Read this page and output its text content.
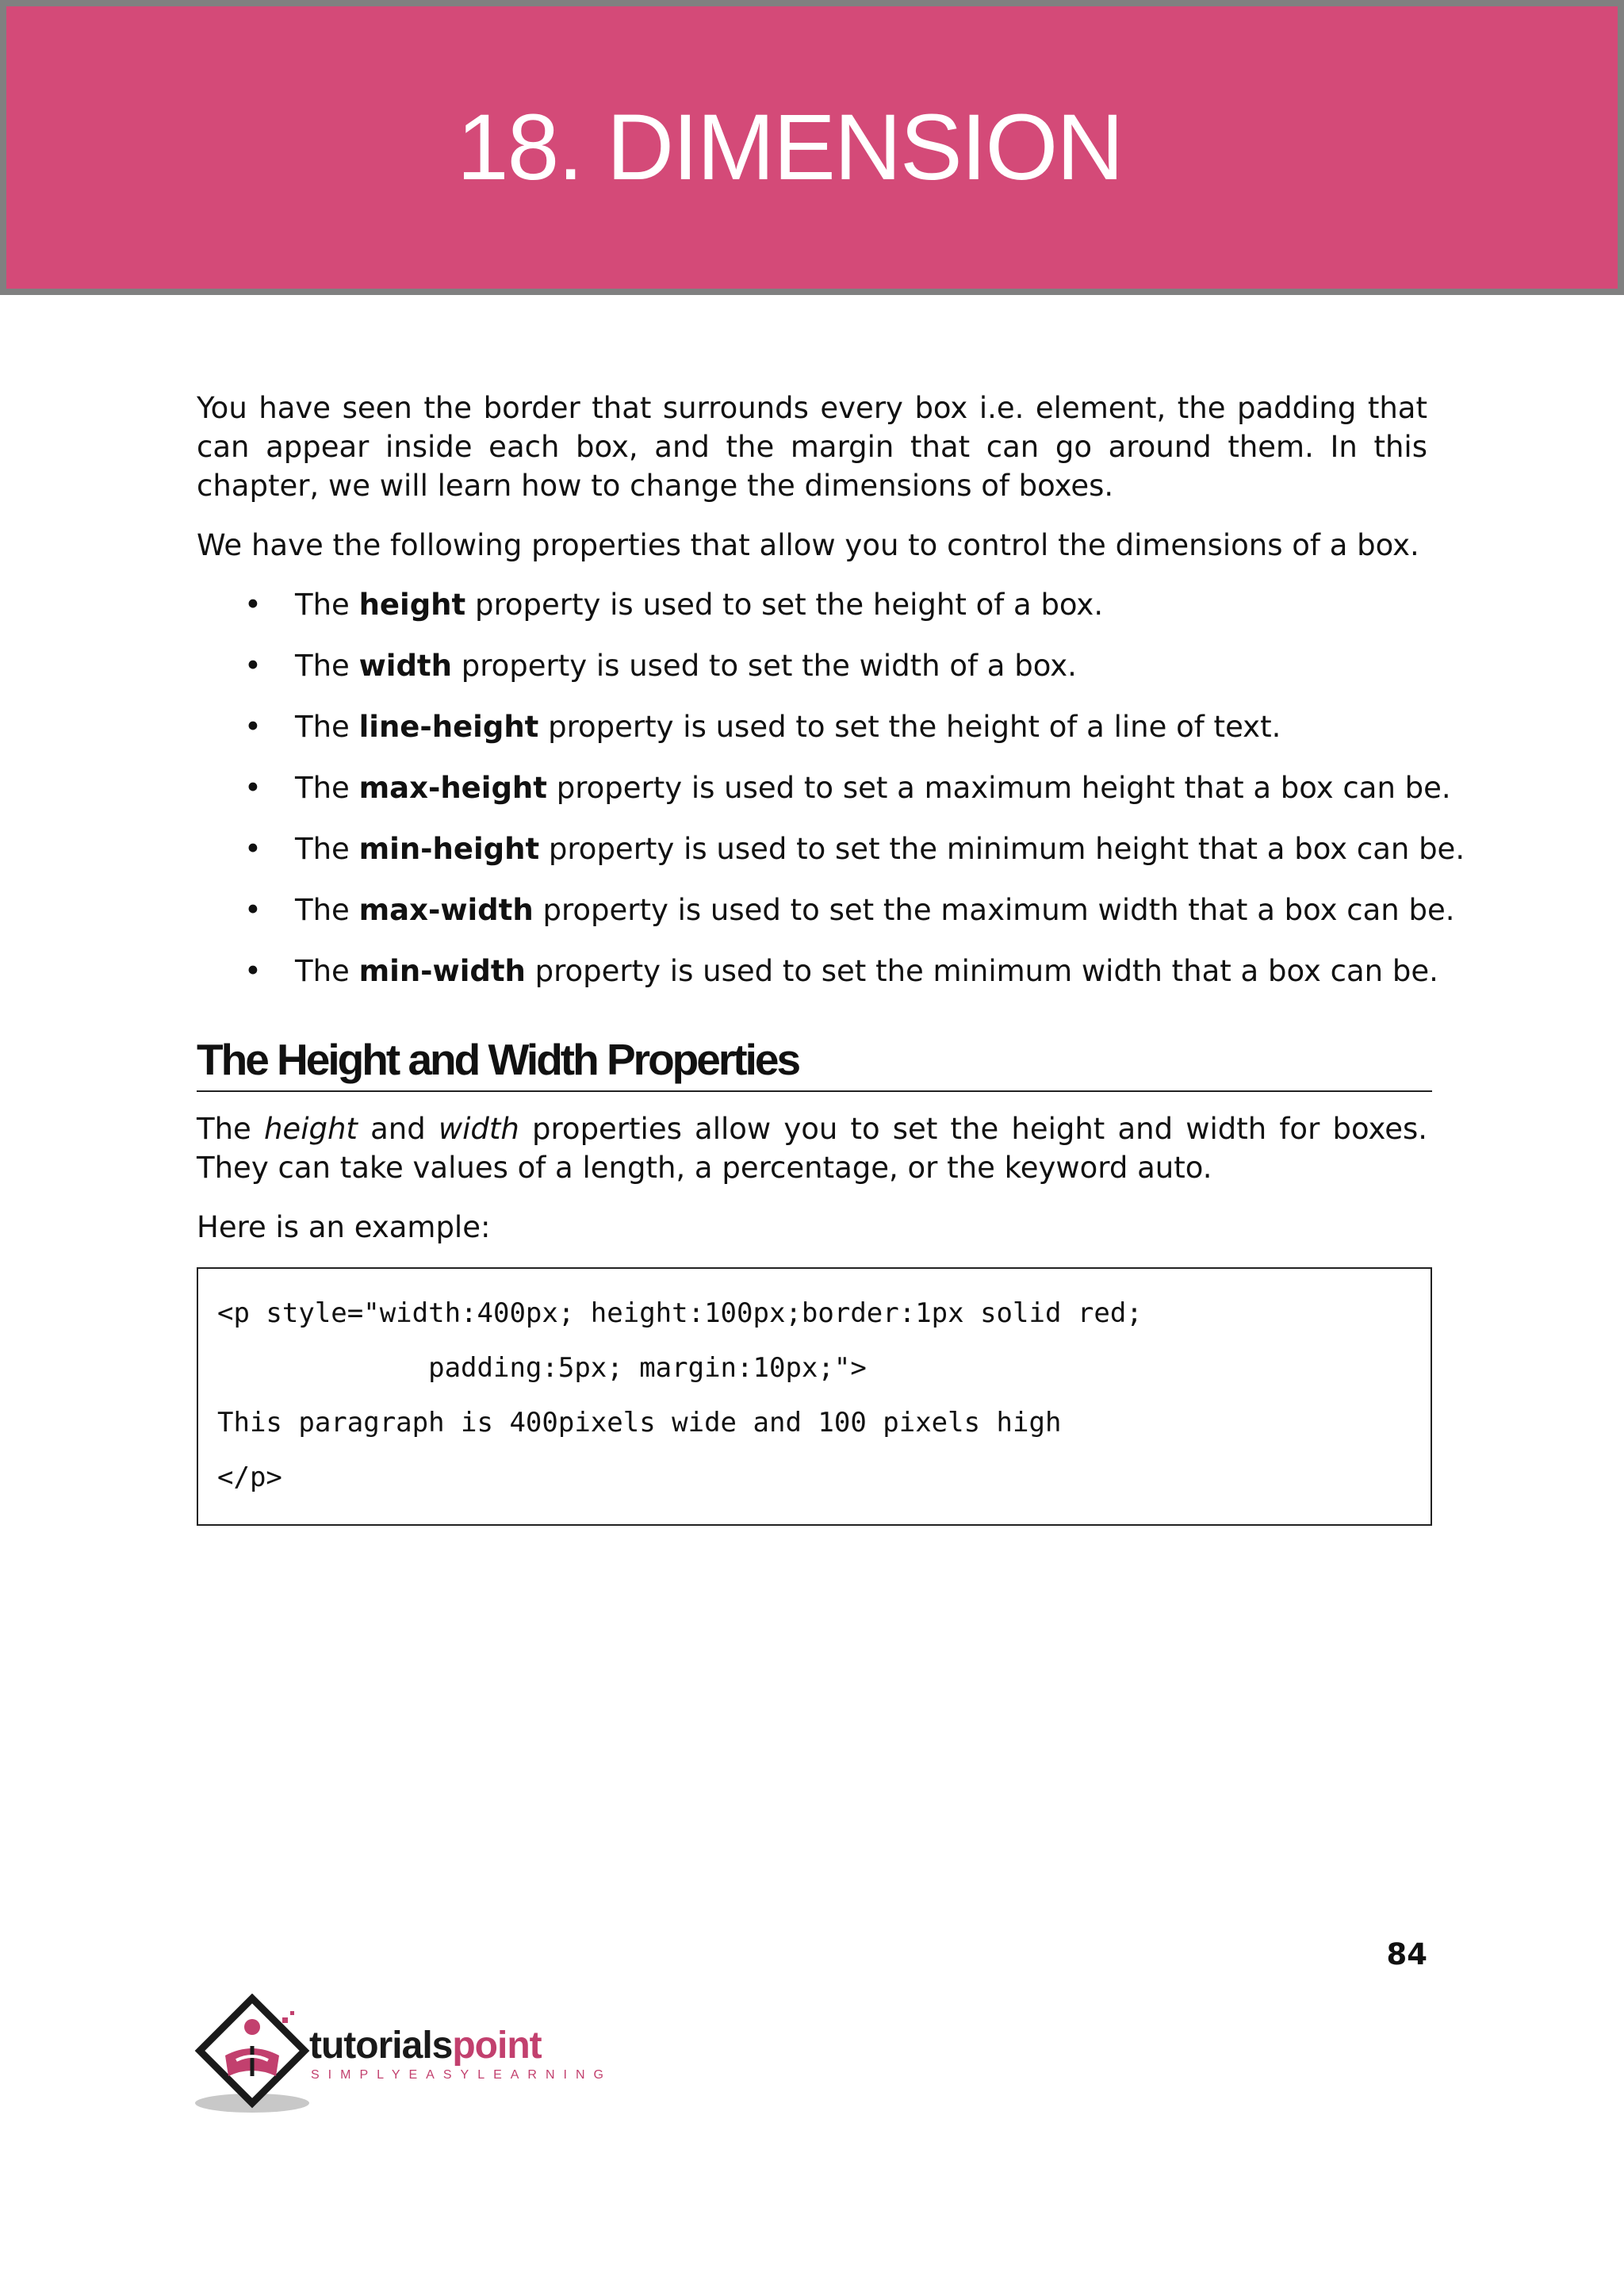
18. DIMENSION

You have seen the border that surrounds every box i.e. element, the padding that can appear inside each box, and the margin that can go around them. In this chapter, we will learn how to change the dimensions of boxes.

We have the following properties that allow you to control the dimensions of a box.

• The height property is used to set the height of a box.
• The width property is used to set the width of a box.
• The line-height property is used to set the height of a line of text.
• The max-height property is used to set a maximum height that a box can be.
• The min-height property is used to set the minimum height that a box can be.
• The max-width property is used to set the maximum width that a box can be.
• The min-width property is used to set the minimum width that a box can be.
The Height and Width Properties

The height and width properties allow you to set the height and width for boxes. They can take values of a length, a percentage, or the keyword auto.

Here is an example:

<p style="width:400px; height:100px;border:1px solid red;
padding:5px; margin:10px;">
This paragraph is 400pixels wide and 100 pixels high
</p>
84
tutorialspoint
SIMPLYEASYLEARNING
